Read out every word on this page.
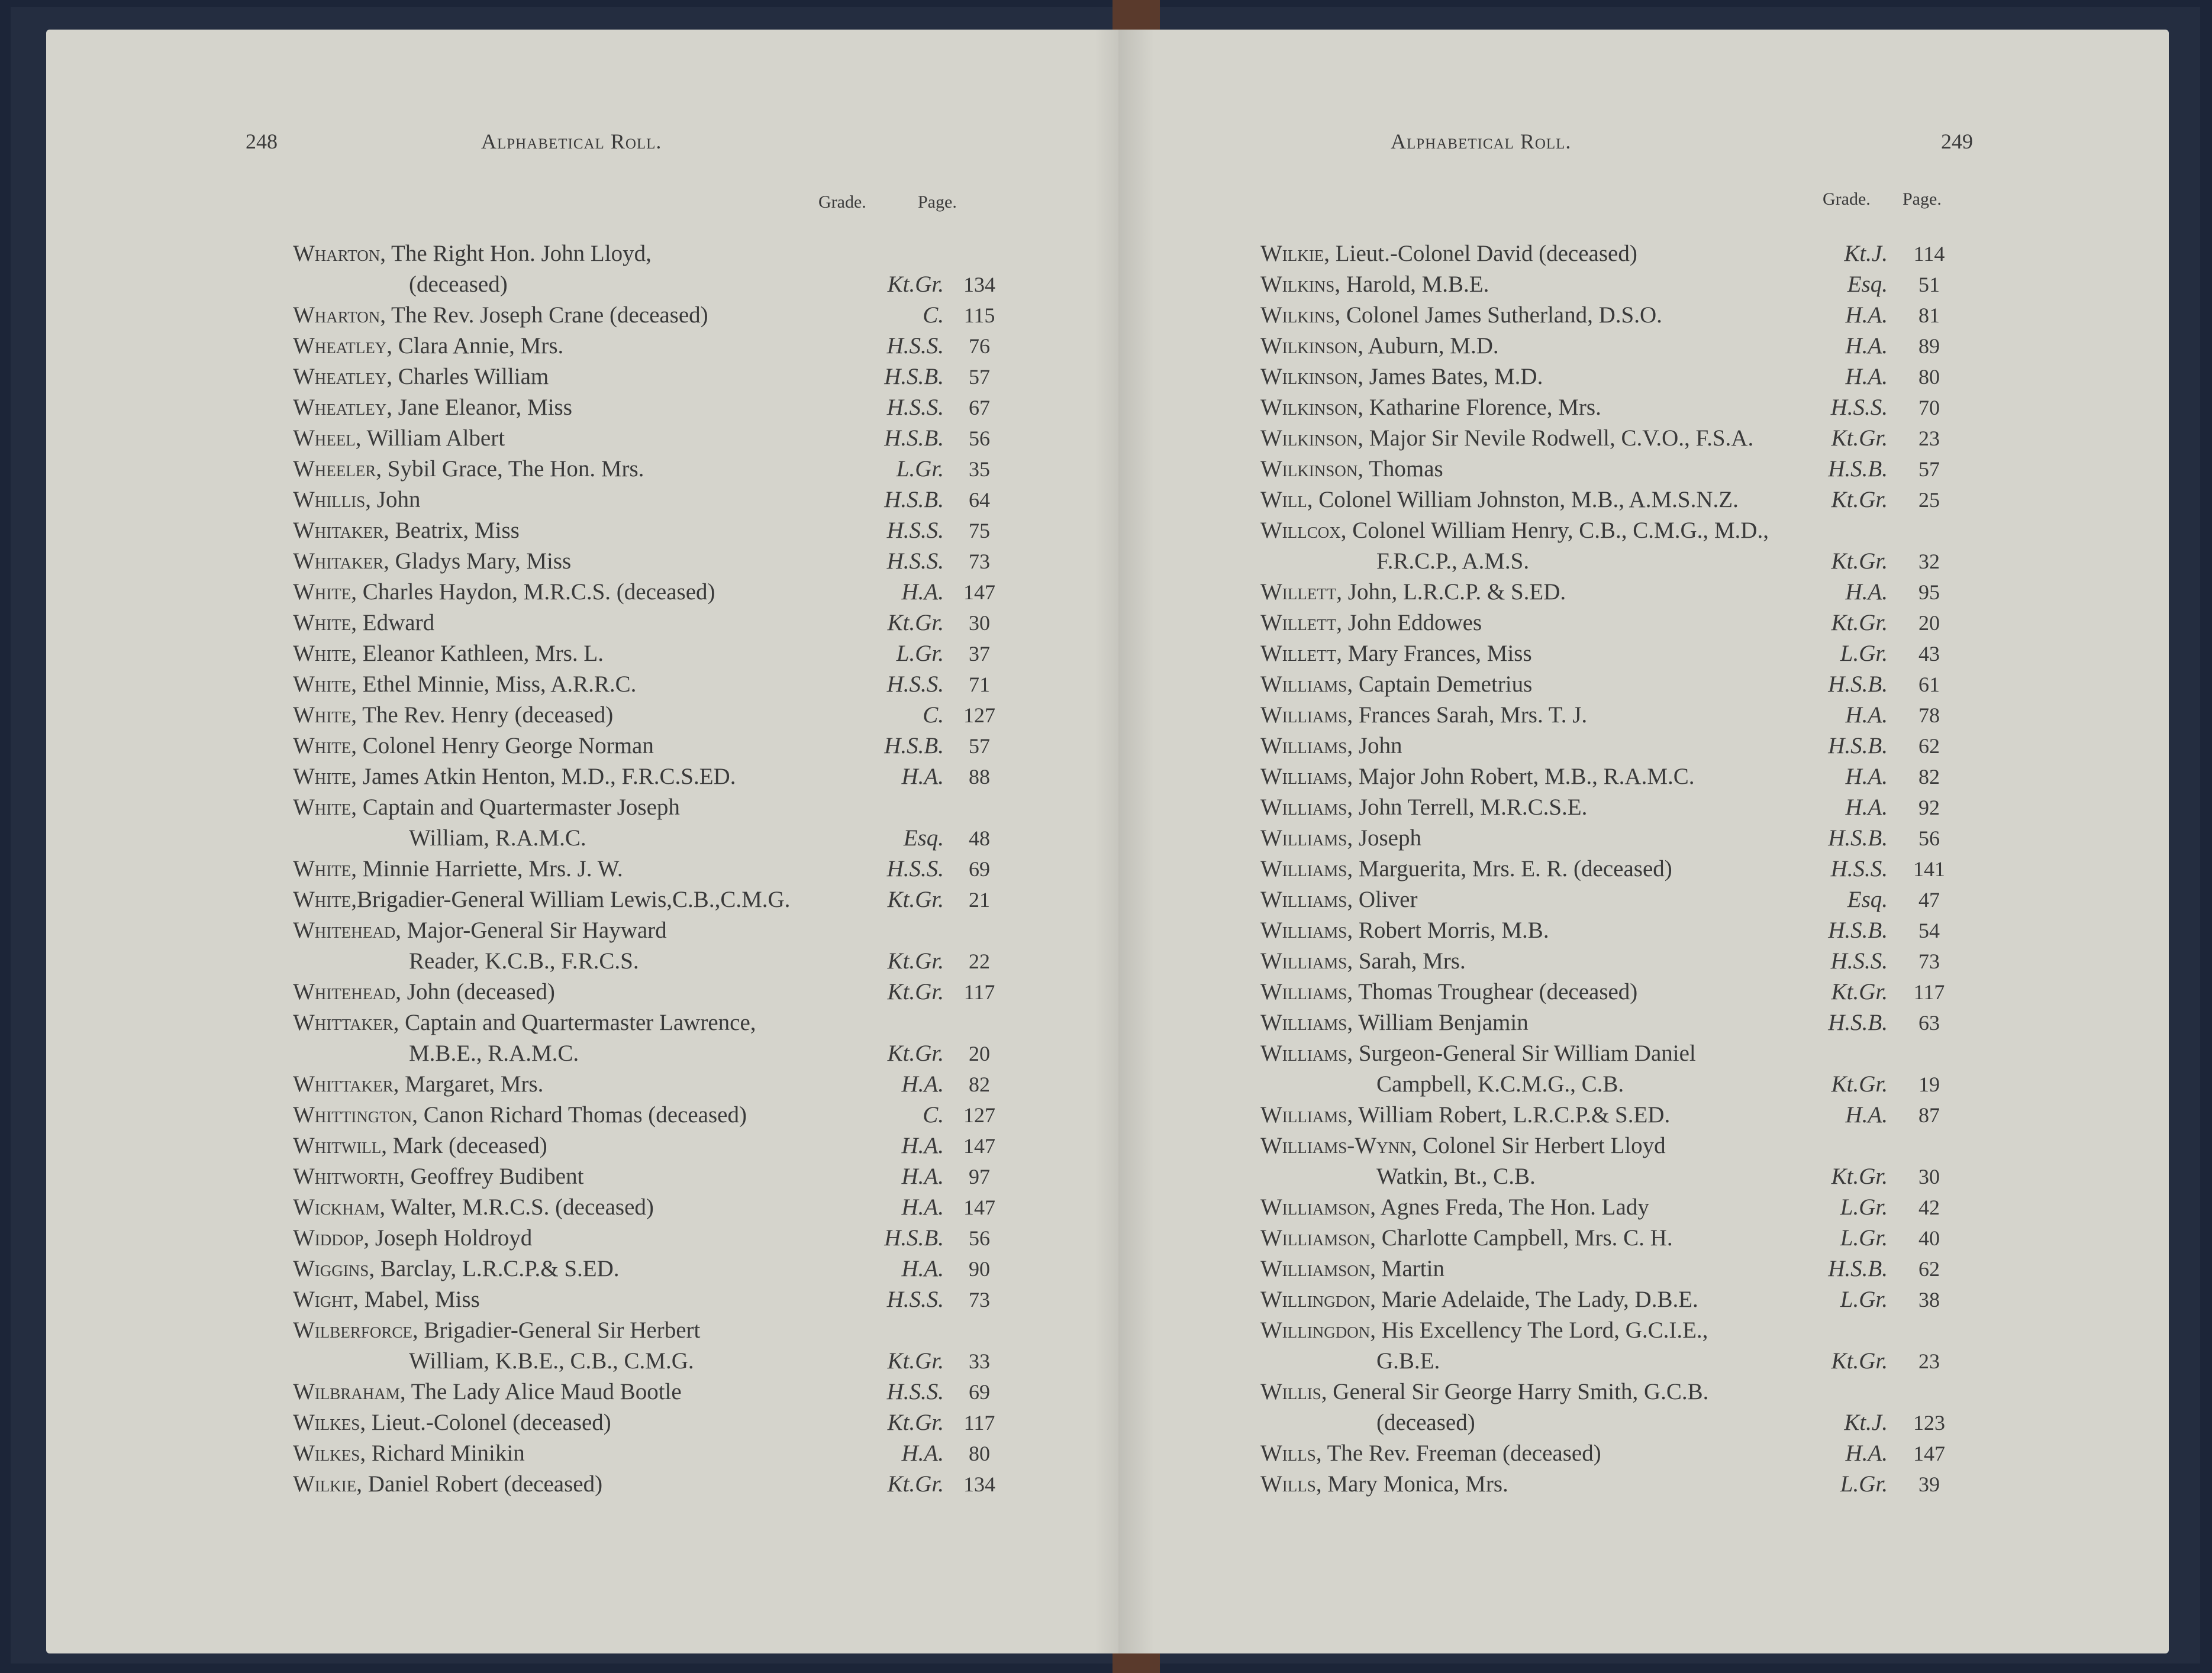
248	Alphabetical Roll.
Grade.	Page.
Wharton, The Right Hon. John Lloyd,
(deceased)	Kt.Gr. 134
Wharton, The Rev. Joseph Crane (deceased)	C. 115
Wheatley, Clara Annie, Mrs.	H.S.S.	76
Wheatley, Charles William	H.S.B.	57
Wheatley, Jane Eleanor, Miss	H.S.S.	67
Wheel, William Albert	H.S.B.	56
Wheeler, Sybil Grace, The Hon. Mrs.	L.Gr.	35
Whillis, John	H.S.B.	64
Whitaker, Beatrix, Miss	H.S.S.	75
Whitaker, Gladys Mary, Miss	H.S.S.	73
White, Charles Haydon, M.R.C.S. (deceased)	H.A. 147
White, Edward	Kt.Gr.	30
White, Eleanor Kathleen, Mrs. L.	L.Gr.	37
White, Ethel Minnie, Miss, A.R.R.C.	H.S.S.	71
White, The Rev. Henry (deceased)	C. 127
White, Colonel Henry George Norman	H.S.B.	57
White, James Atkin Henton, M.D., F.R.C.S.ED.	H.A.	88
White, Captain and Quartermaster Joseph
William, R.A.M.C.	Esq.	48
White, Minnie Harriette, Mrs. J. W.	H.S.S.	69
White,Brigadier-General William Lewis,C.B.,C.M.G.	Kt.Gr.	21
Whitehead, Major-General Sir Hayward
Reader, K.C.B., F.R.C.S.	Kt.Gr.	22
Whitehead, John (deceased)	Kt.Gr. 117
Whittaker, Captain and Quartermaster Lawrence,
M.B.E., R.A.M.C.	Kt.Gr.	20
Whittaker, Margaret, Mrs.	H.A.	82
Whittington, Canon Richard Thomas (deceased)	C. 127
Whitwill, Mark (deceased)	H.A. 147
Whitworth, Geoffrey Budibent	H.A.	97
Wickham, Walter, M.R.C.S. (deceased)	H.A. 147
Widdop, Joseph Holdroyd	H.S.B.	56
Wiggins, Barclay, L.R.C.P.& S.ED.	H.A.	90
Wight, Mabel, Miss	H.S.S.	73
Wilberforce, Brigadier-General Sir Herbert
William, K.B.E., C.B., C.M.G.	Kt.Gr.	33
Wilbraham, The Lady Alice Maud Bootle	H.S.S.	69
Wilkes, Lieut.-Colonel (deceased)	Kt.Gr. 117
Wilkes, Richard Minikin	H.A.	80
Wilkie, Daniel Robert (deceased)	Kt.Gr. 134
Alphabetical Roll.	249
Grade. Page.
Wilkie, Lieut.-Colonel David (deceased)	Kt.J.	114
Wilkins, Harold, M.B.E.	Esq.	51
Wilkins, Colonel James Sutherland, D.S.O.	H.A.	81
Wilkinson, Auburn, M.D.	H.A.	89
Wilkinson, James Bates, M.D.	H.A.	80
Wilkinson, Katharine Florence, Mrs.	H.S.S.	70
Wilkinson, Major Sir Nevile Rodwell, C.V.O., F.S.A.	Kt.Gr.	23
Wilkinson, Thomas	H.S.B.	57
Will, Colonel William Johnston, M.B., A.M.S.N.Z.	Kt.Gr.	25
Willcox, Colonel William Henry, C.B., C.M.G., M.D.,
F.R.C.P., A.M.S.	Kt.Gr.	32
Willett, John, L.R.C.P. & S.ED.	H.A.	95
Willett, John Eddowes	Kt.Gr.	20
Willett, Mary Frances, Miss	L.Gr.	43
Williams, Captain Demetrius	H.S.B.	61
Williams, Frances Sarah, Mrs. T. J.	H.A.	78
Williams, John	H.S.B.	62
Williams, Major John Robert, M.B., R.A.M.C.	H.A.	82
Williams, John Terrell, M.R.C.S.E.	H.A.	92
Williams, Joseph	H.S.B.	56
Williams, Marguerita, Mrs. E. R. (deceased)	H.S.S.	141
Williams, Oliver	Esq.	47
Williams, Robert Morris, M.B.	H.S.B.	54
Williams, Sarah, Mrs.	H.S.S.	73
Williams, Thomas Troughear (deceased)	Kt.Gr.	117
Williams, William Benjamin	H.S.B.	63
Williams, Surgeon-General Sir William Daniel
Campbell, K.C.M.G., C.B.	Kt.Gr.	19
Williams, William Robert, L.R.C.P.& S.ED.	H.A.	87
Williams-Wynn, Colonel Sir Herbert Lloyd
Watkin, Bt., C.B.	Kt.Gr.	30
Williamson, Agnes Freda, The Hon. Lady	L.Gr.	42
Williamson, Charlotte Campbell, Mrs. C. H.	L.Gr.	40
Williamson, Martin	H.S.B.	62
Willingdon, Marie Adelaide, The Lady, D.B.E.	L.Gr.	38
Willingdon, His Excellency The Lord, G.C.I.E.,
G.B.E.	Kt.Gr.	23
Willis, General Sir George Harry Smith, G.C.B.
(deceased)	Kt.J.	123
Wills, The Rev. Freeman (deceased)	H.A.	147
Wills, Mary Monica, Mrs.	L.Gr.	39
